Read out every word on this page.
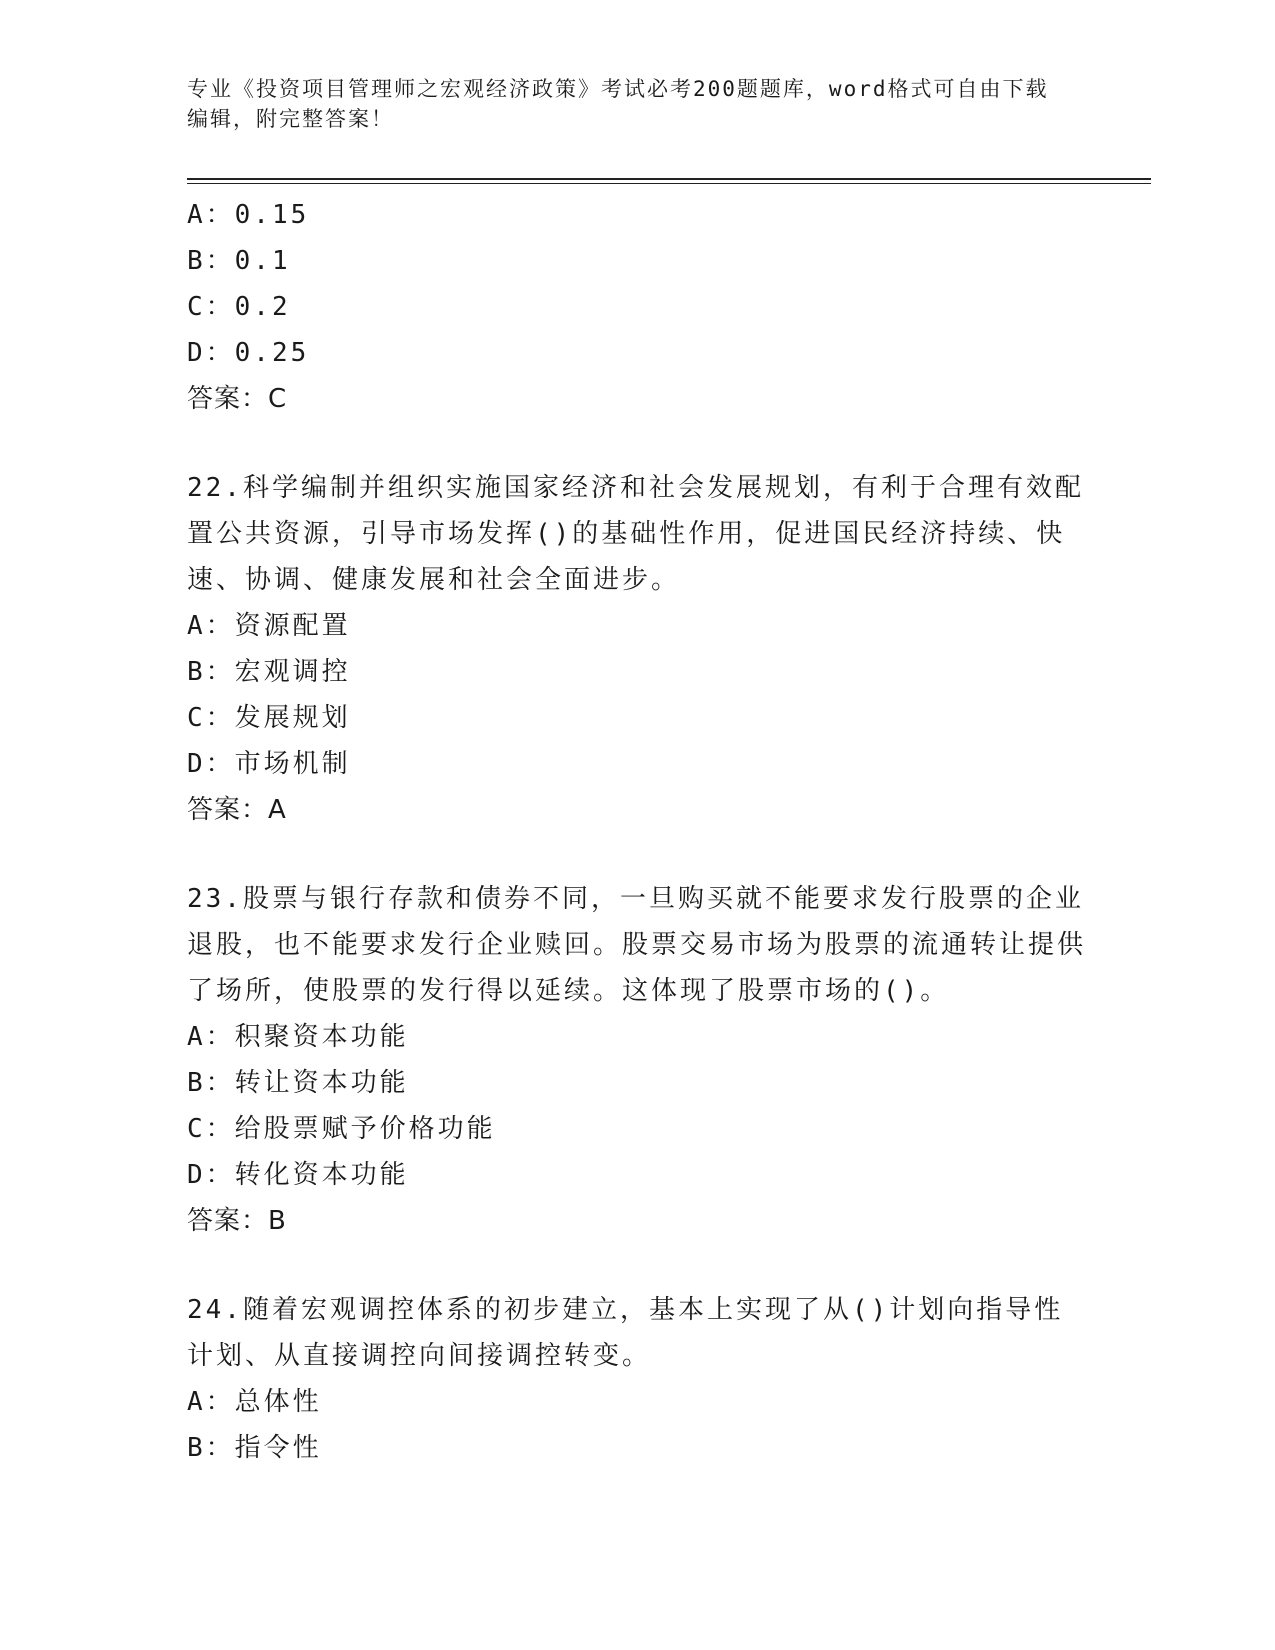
专业《投资项目管理师之宏观经济政策》考试必考200题题库，word格式可自由下载编辑，附完整答案！
A：0.15
B：0.1
C：0.2
D：0.25
答案：C
22.科学编制并组织实施国家经济和社会发展规划，有利于合理有效配置公共资源，引导市场发挥()的基础性作用，促进国民经济持续、快速、协调、健康发展和社会全面进步。
A：资源配置
B：宏观调控
C：发展规划
D：市场机制
答案：A
23.股票与银行存款和债券不同，一旦购买就不能要求发行股票的企业退股，也不能要求发行企业赎回。股票交易市场为股票的流通转让提供了场所，使股票的发行得以延续。这体现了股票市场的()。
A：积聚资本功能
B：转让资本功能
C：给股票赋予价格功能
D：转化资本功能
答案：B
24.随着宏观调控体系的初步建立，基本上实现了从()计划向指导性计划、从直接调控向间接调控转变。
A：总体性
B：指令性
